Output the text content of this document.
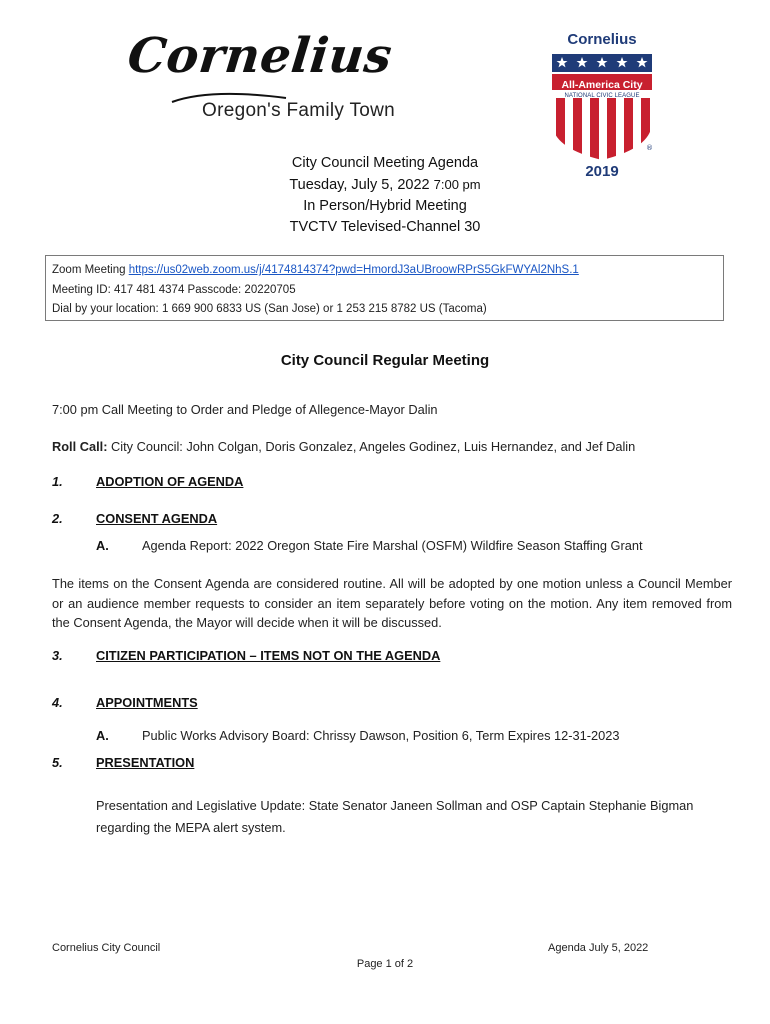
Cornelius
Oregon's Family Town
®
Cornelius
All-America City
NATIONAL CIVIC LEAGUE
2019
City Council Meeting Agenda
Tuesday, July 5, 2022 7:00 pm
In Person/Hybrid Meeting
TVCTV Televised-Channel 30
Zoom Meeting https://us02web.zoom.us/j/4174814374?pwd=HmordJ3aUBroowRPrS5GkFWYAl2NhS.1
Meeting ID: 417 481 4374 Passcode: 20220705
Dial by your location: 1 669 900 6833 US (San Jose) or 1 253 215 8782 US (Tacoma)
City Council Regular Meeting
7:00 pm Call Meeting to Order and Pledge of Allegence-Mayor Dalin
Roll Call: City Council: John Colgan, Doris Gonzalez, Angeles Godinez, Luis Hernandez, and Jef Dalin
1.	ADOPTION OF AGENDA
2.	CONSENT AGENDA
A.	Agenda Report: 2022 Oregon State Fire Marshal (OSFM) Wildfire Season Staffing Grant
The items on the Consent Agenda are considered routine. All will be adopted by one motion unless a Council Member or an audience member requests to consider an item separately before voting on the motion. Any item removed from the Consent Agenda, the Mayor will decide when it will be discussed.
3.	CITIZEN PARTICIPATION – ITEMS NOT ON THE AGENDA
4.	APPOINTMENTS
A.	Public Works Advisory Board: Chrissy Dawson, Position 6, Term Expires 12-31-2023
5.	PRESENTATION
Presentation and Legislative Update: State Senator Janeen Sollman and OSP Captain Stephanie Bigman regarding the MEPA alert system.
Cornelius City Council	Agenda July 5, 2022
Page 1 of 2
